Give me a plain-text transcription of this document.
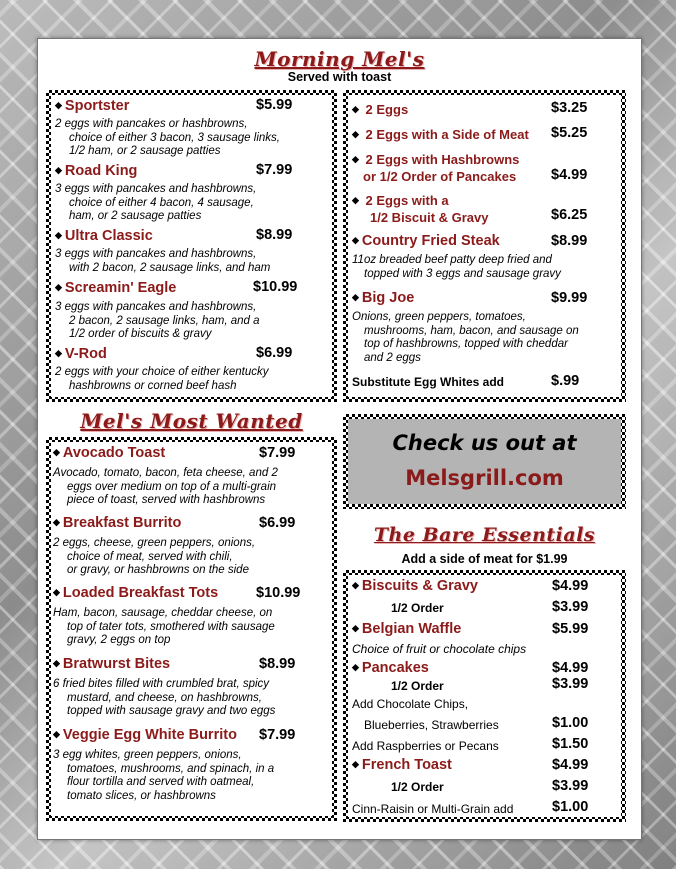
Morning Mel's
Served with toast
◆ Sportster	$5.99
2 eggs with pancakes or hashbrowns,
choice of either 3 bacon, 3 sausage links,
1/2 ham, or 2 sausage patties
◆ Road King	$7.99
3 eggs with pancakes and hashbrowns,
choice of either 4 bacon, 4 sausage,
ham, or 2 sausage patties
◆ Ultra Classic	$8.99
3 eggs with pancakes and hashbrowns,
with 2 bacon, 2 sausage links, and ham
◆ Screamin' Eagle	$10.99
3 eggs with pancakes and hashbrowns,
2 bacon, 2 sausage links, ham, and a
1/2 order of biscuits & gravy
◆ V-Rod	$6.99
2 eggs with your choice of either kentucky
hashbrowns or corned beef hash
◆ 2 Eggs	$3.25
◆ 2 Eggs with a Side of Meat $5.25
◆ 2 Eggs with Hashbrowns
or 1/2 Order of Pancakes $4.99
◆ 2 Eggs with a
1/2 Biscuit & Gravy	$6.25
◆ Country Fried Steak	$8.99
11oz breaded beef patty deep fried and
topped with 3 eggs and sausage gravy
◆ Big Joe	$9.99
Onions, green peppers, tomatoes,
mushrooms, ham, bacon, and sausage on
top of hashbrowns, topped with cheddar
and 2 eggs
Substitute Egg Whites add	$.99
Mel's Most Wanted
◆ Avocado Toast	$7.99
Avocado, tomato, bacon, feta cheese, and 2
eggs over medium on top of a multi-grain
piece of toast, served with hashbrowns
◆ Breakfast Burrito	$6.99
2 eggs, cheese, green peppers, onions,
choice of meat, served with chili,
or gravy, or hashbrowns on the side
◆ Loaded Breakfast Tots	$10.99
Ham, bacon, sausage, cheddar cheese, on
top of tater tots, smothered with sausage
gravy, 2 eggs on top
◆ Bratwurst Bites	$8.99
6 fried bites filled with crumbled brat, spicy
mustard, and cheese, on hashbrowns,
topped with sausage gravy and two eggs
◆ Veggie Egg White Burrito $7.99
3 egg whites, green peppers, onions,
tomatoes, mushrooms, and spinach, in a
flour tortilla and served with oatmeal,
tomato slices, or hashbrowns
Check us out at
Melsgrill.com
The Bare Essentials
Add a side of meat for $1.99
◆ Biscuits & Gravy	$4.99
1/2 Order	$3.99
◆ Belgian Waffle	$5.99
Choice of fruit or chocolate chips
◆ Pancakes	$4.99
1/2 Order	$3.99
Add Chocolate Chips,
Blueberries, Strawberries	$1.00
Add Raspberries or Pecans	$1.50
◆ French Toast	$4.99
1/2 Order	$3.99
Cinn-Raisin or Multi-Grain add	$1.00
